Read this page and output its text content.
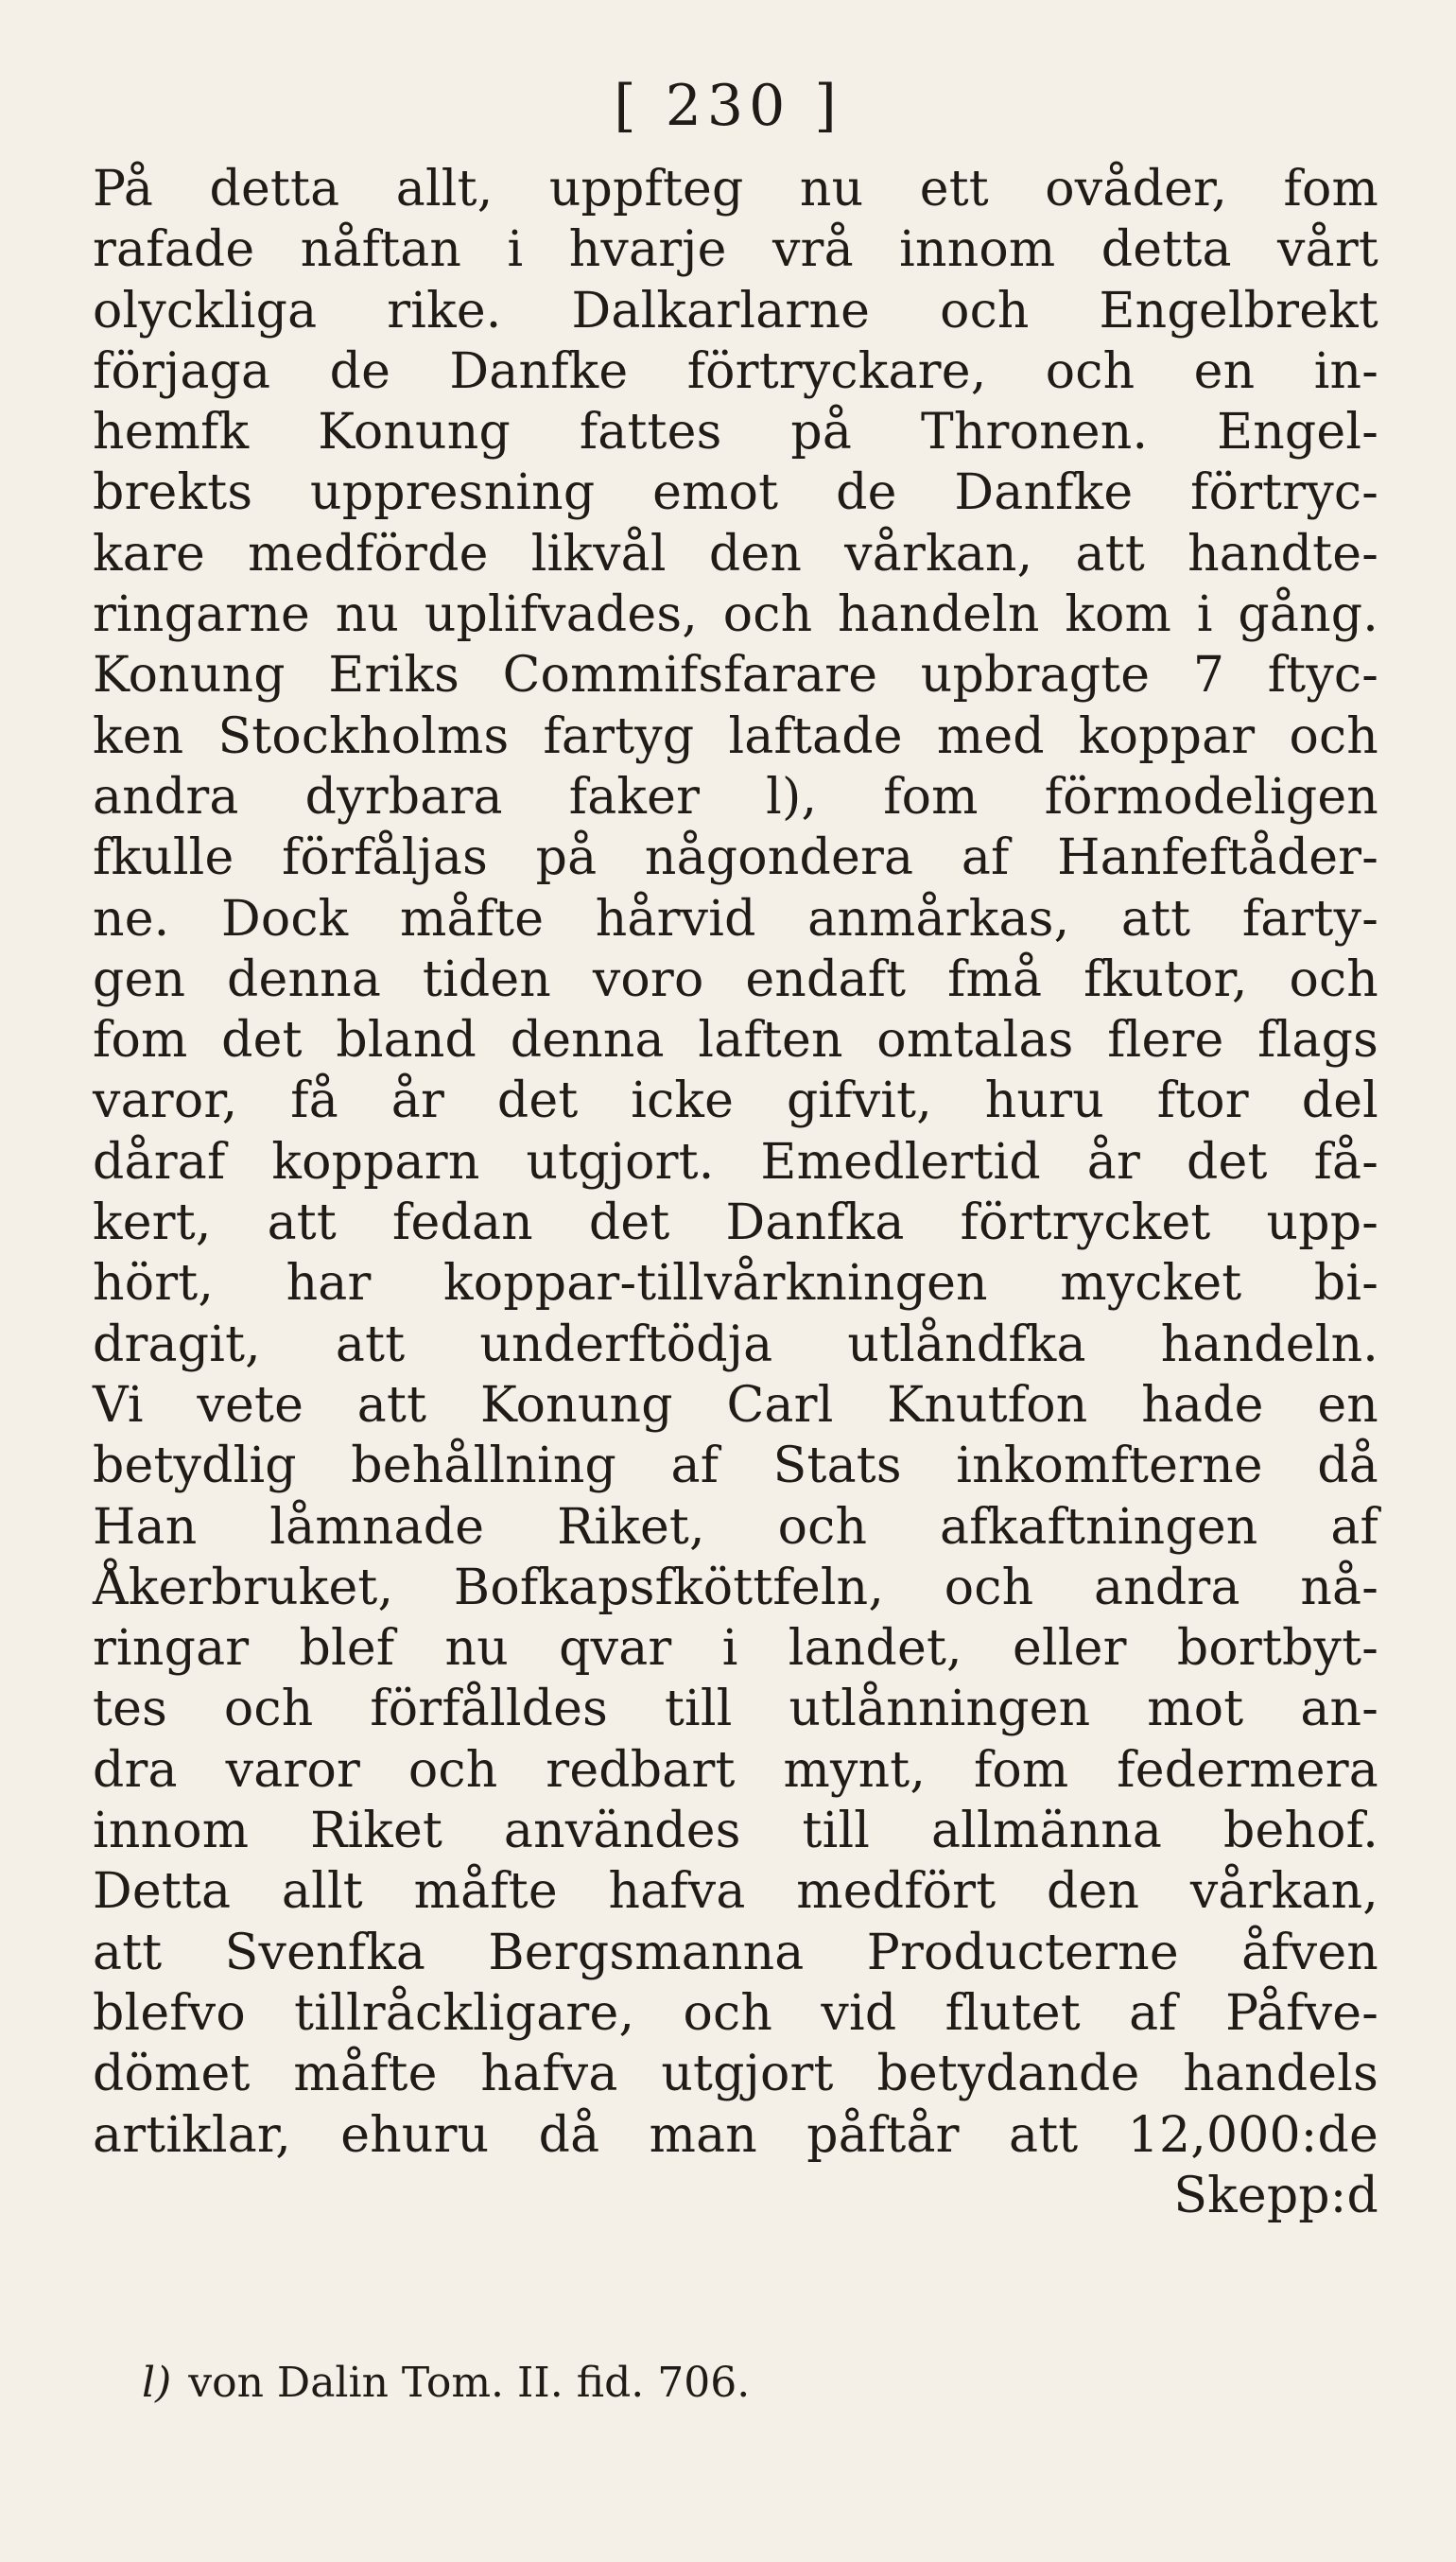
[ 230 ]
På detta allt, uppfteg nu ett ovåder, fom
rafade nåftan i hvarje vrå innom detta vårt
olyckliga rike. Dalkarlarne och Engelbrekt
förjaga de Danfke förtryckare, och en in-
hemfk Konung fattes på Thronen. Engel-
brekts uppresning emot de Danfke förtryc-
kare medförde likvål den vårkan, att handte-
ringarne nu uplifvades, och handeln kom i gång.
Konung Eriks Commifsfarare upbragte 7 ftyc-
ken Stockholms fartyg laftade med koppar och
andra dyrbara faker l), fom förmodeligen
fkulle förfåljas på någondera af Hanfeftåder-
ne. Dock måfte hårvid anmårkas, att farty-
gen denna tiden voro endaft fmå fkutor, och
fom det bland denna laften omtalas flere flags
varor, få år det icke gifvit, huru ftor del
dåraf kopparn utgjort. Emedlertid år det få-
kert, att fedan det Danfka förtrycket upp-
hört, har koppar-tillvårkningen mycket bi-
dragit, att underftödja utlåndfka handeln.
Vi vete att Konung Carl Knutfon hade en
betydlig behållning af Stats inkomfterne då
Han låmnade Riket, och afkaftningen af
Åkerbruket, Bofkapsfköttfeln, och andra nå-
ringar blef nu qvar i landet, eller bortbyt-
tes och förfålldes till utlånningen mot an-
dra varor och redbart mynt, fom federmera
innom Riket användes till allmänna behof.
Detta allt måfte hafva medfört den vårkan,
att Svenfka Bergsmanna Producterne åfven
blefvo tillråckligare, och vid flutet af Påfve-
dömet måfte hafva utgjort betydande handels
artiklar, ehuru då man påftår att 12,000:de
Skepp:d
l) von Dalin Tom. II. fid. 706.
